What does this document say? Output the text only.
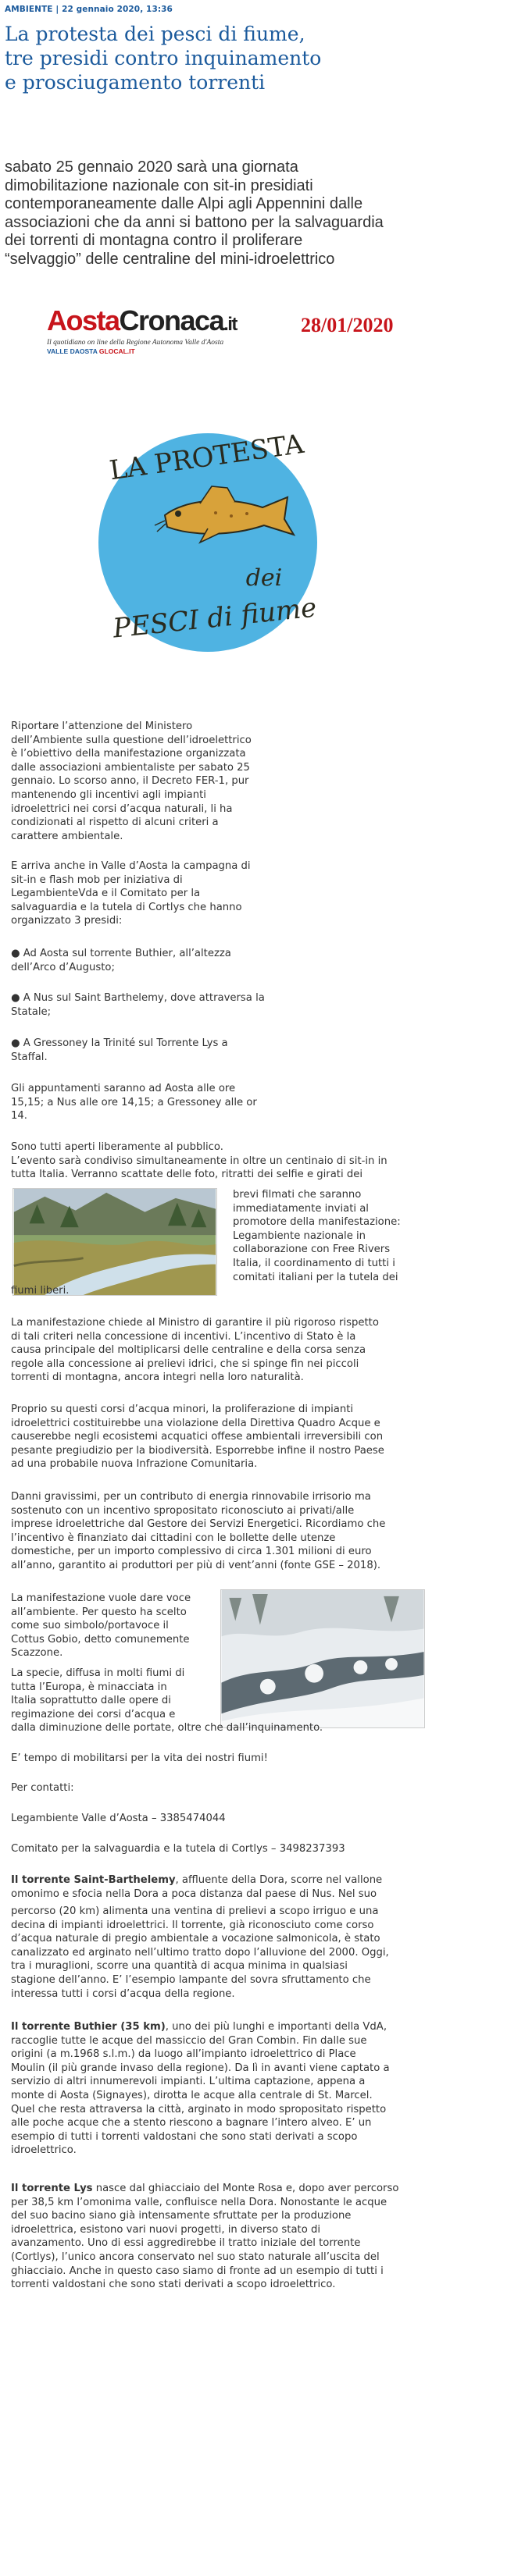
AMBIENTE | 22 gennaio 2020, 13:36
La protesta dei pesci di fiume,
tre presidi contro inquinamento
e prosciugamento torrenti
sabato 25 gennaio 2020 sarà una giornata
dimobilitazione nazionale con sit-in presidiati
contemporaneamente dalle Alpi agli Appennini dalle
associazioni che da anni si battono per la salvaguardia
dei torrenti di montagna contro il proliferare
“selvaggio” delle centraline del mini-idroelettrico
AostaCronaca.it
Il quotidiano on line della Regione Autonoma Valle d'Aosta
VALLE DAOSTA GLOCAL.IT
28/01/2020
LA PROTESTA
dei
PESCI di fiume
Riportare l’attenzione del Ministero
dell’Ambiente sulla questione dell’idroelettrico
è l’obiettivo della manifestazione organizzata
dalle associazioni ambientaliste per sabato 25
gennaio. Lo scorso anno, il Decreto FER-1, pur
mantenendo gli incentivi agli impianti
idroelettrici nei corsi d’acqua naturali, li ha
condizionati al rispetto di alcuni criteri a
carattere ambientale.
E arriva anche in Valle d’Aosta la campagna di
sit-in e flash mob per iniziativa di
LegambienteVda e il Comitato per la
salvaguardia e la tutela di Cortlys che hanno
organizzato 3 presidi:
● Ad Aosta sul torrente Buthier, all’altezza
dell’Arco d’Augusto;
● A Nus sul Saint Barthelemy, dove attraversa la
Statale;
● A Gressoney la Trinité sul Torrente Lys a
Staffal.
Gli appuntamenti saranno ad Aosta alle ore
15,15; a Nus alle ore 14,15; a Gressoney alle or
14.
Sono tutti aperti liberamente al pubblico.
L’evento sarà condiviso simultaneamente in oltre un centinaio di sit-in in
tutta Italia. Verranno scattate delle foto, ritratti dei selfie e girati dei
brevi filmati che saranno
immediatamente inviati al
promotore della manifestazione:
Legambiente nazionale in
collaborazione con Free Rivers
Italia, il coordinamento di tutti i
comitati italiani per la tutela dei
fiumi liberi.
La manifestazione chiede al Ministro di garantire il più rigoroso rispetto
di tali criteri nella concessione di incentivi. L’incentivo di Stato è la
causa principale del moltiplicarsi delle centraline e della corsa senza
regole alla concessione ai prelievi idrici, che si spinge fin nei piccoli
torrenti di montagna, ancora integri nella loro naturalità.
Proprio su questi corsi d’acqua minori, la proliferazione di impianti
idroelettrici costituirebbe una violazione della Direttiva Quadro Acque e
causerebbe negli ecosistemi acquatici offese ambientali irreversibili con
pesante pregiudizio per la biodiversità. Esporrebbe infine il nostro Paese
ad una probabile nuova Infrazione Comunitaria.
Danni gravissimi, per un contributo di energia rinnovabile irrisorio ma
sostenuto con un incentivo spropositato riconosciuto ai privati/alle
imprese idroelettriche dal Gestore dei Servizi Energetici. Ricordiamo che
l’incentivo è finanziato dai cittadini con le bollette delle utenze
domestiche, per un importo complessivo di circa 1.301 milioni di euro
all’anno, garantito ai produttori per più di vent’anni (fonte GSE – 2018).
La manifestazione vuole dare voce
all’ambiente. Per questo ha scelto
come suo simbolo/portavoce il
Cottus Gobio, detto comunemente
Scazzone.
La specie, diffusa in molti fiumi di
tutta l’Europa, è minacciata in
Italia soprattutto dalle opere di
regimazione dei corsi d’acqua e
dalla diminuzione delle portate, oltre che dall’inquinamento.
E’ tempo di mobilitarsi per la vita dei nostri fiumi!
Per contatti:
Legambiente Valle d’Aosta – 3385474044
Comitato per la salvaguardia e la tutela di Cortlys – 3498237393
Il torrente Saint-Barthelemy, affluente della Dora, scorre nel vallone
omonimo e sfocia nella Dora a poca distanza dal paese di Nus. Nel suo
percorso (20 km) alimenta una ventina di prelievi a scopo irriguo e una
decina di impianti idroelettrici. Il torrente, già riconosciuto come corso
d’acqua naturale di pregio ambientale a vocazione salmonicola, è stato
canalizzato ed arginato nell’ultimo tratto dopo l’alluvione del 2000. Oggi,
tra i muraglioni, scorre una quantità di acqua minima in qualsiasi
stagione dell’anno. E’ l’esempio lampante del sovra sfruttamento che
interessa tutti i corsi d’acqua della regione.
Il torrente Buthier (35 km), uno dei più lunghi e importanti della VdA,
raccoglie tutte le acque del massiccio del Gran Combin. Fin dalle sue
origini (a m.1968 s.l.m.) da luogo all’impianto idroelettrico di Place
Moulin (il più grande invaso della regione). Da lì in avanti viene captato a
servizio di altri innumerevoli impianti. L’ultima captazione, appena a
monte di Aosta (Signayes), dirotta le acque alla centrale di St. Marcel.
Quel che resta attraversa la città, arginato in modo spropositato rispetto
alle poche acque che a stento riescono a bagnare l’intero alveo. E’ un
esempio di tutti i torrenti valdostani che sono stati derivati a scopo
idroelettrico.
Il torrente Lys nasce dal ghiacciaio del Monte Rosa e, dopo aver percorso
per 38,5 km l’omonima valle, confluisce nella Dora. Nonostante le acque
del suo bacino siano già intensamente sfruttate per la produzione
idroelettrica, esistono vari nuovi progetti, in diverso stato di
avanzamento. Uno di essi aggredirebbe il tratto iniziale del torrente
(Cortlys), l’unico ancora conservato nel suo stato naturale all’uscita del
ghiacciaio. Anche in questo caso siamo di fronte ad un esempio di tutti i
torrenti valdostani che sono stati derivati a scopo idroelettrico.
